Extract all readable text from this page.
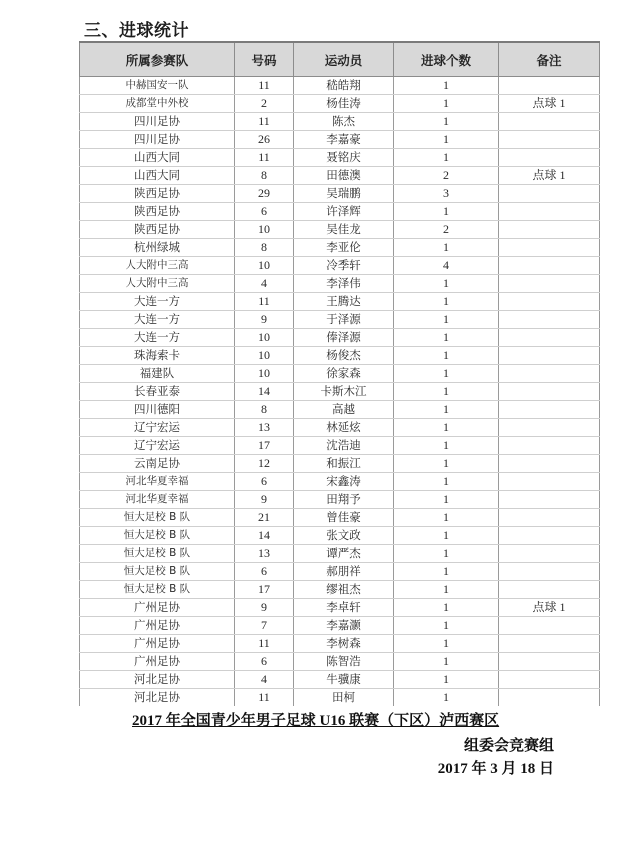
三、进球统计
所属参赛队	号码	运动员	进球个数	备注
中赫国安一队	11	嵇皓翔	1	
成都堂中外校	2	杨佳涛	1	点球 1
四川足协	11	陈杰	1	
四川足协	26	李嘉豪	1	
山西大同	11	聂铭庆	1	
山西大同	8	田德澳	2	点球 1
陕西足协	29	吴瑞鹏	3	
陕西足协	6	许泽辉	1	
陕西足协	10	吴佳龙	2	
杭州绿城	8	李亚伦	1	
人大附中三高	10	冷季轩	4	
人大附中三高	4	李泽伟	1	
大连一方	11	王腾达	1	
大连一方	9	于泽源	1	
大连一方	10	俸泽源	1	
珠海索卡	10	杨俊杰	1	
福建队	10	徐家森	1	
长春亚泰	14	卡斯木江	1	
四川德阳	8	高越	1	
辽宁宏运	13	林延炫	1	
辽宁宏运	17	沈浩迪	1	
云南足协	12	和振江	1	
河北华夏幸福	6	宋鑫涛	1	
河北华夏幸福	9	田翔予	1	
恒大足校 B 队	21	曾佳豪	1	
恒大足校 B 队	14	张文政	1	
恒大足校 B 队	13	谭严杰	1	
恒大足校 B 队	6	郝朋祥	1	
恒大足校 B 队	17	缪祖杰	1	
广州足协	9	李卓轩	1	点球 1
广州足协	7	李嘉灏	1	
广州足协	11	李树森	1	
广州足协	6	陈智浩	1	
河北足协	4	牛骥康	1	
河北足协	11	田柯	1	
2017 年全国青少年男子足球 U16 联赛（下区）泸西赛区
组委会竞赛组
2017 年 3 月 18 日
